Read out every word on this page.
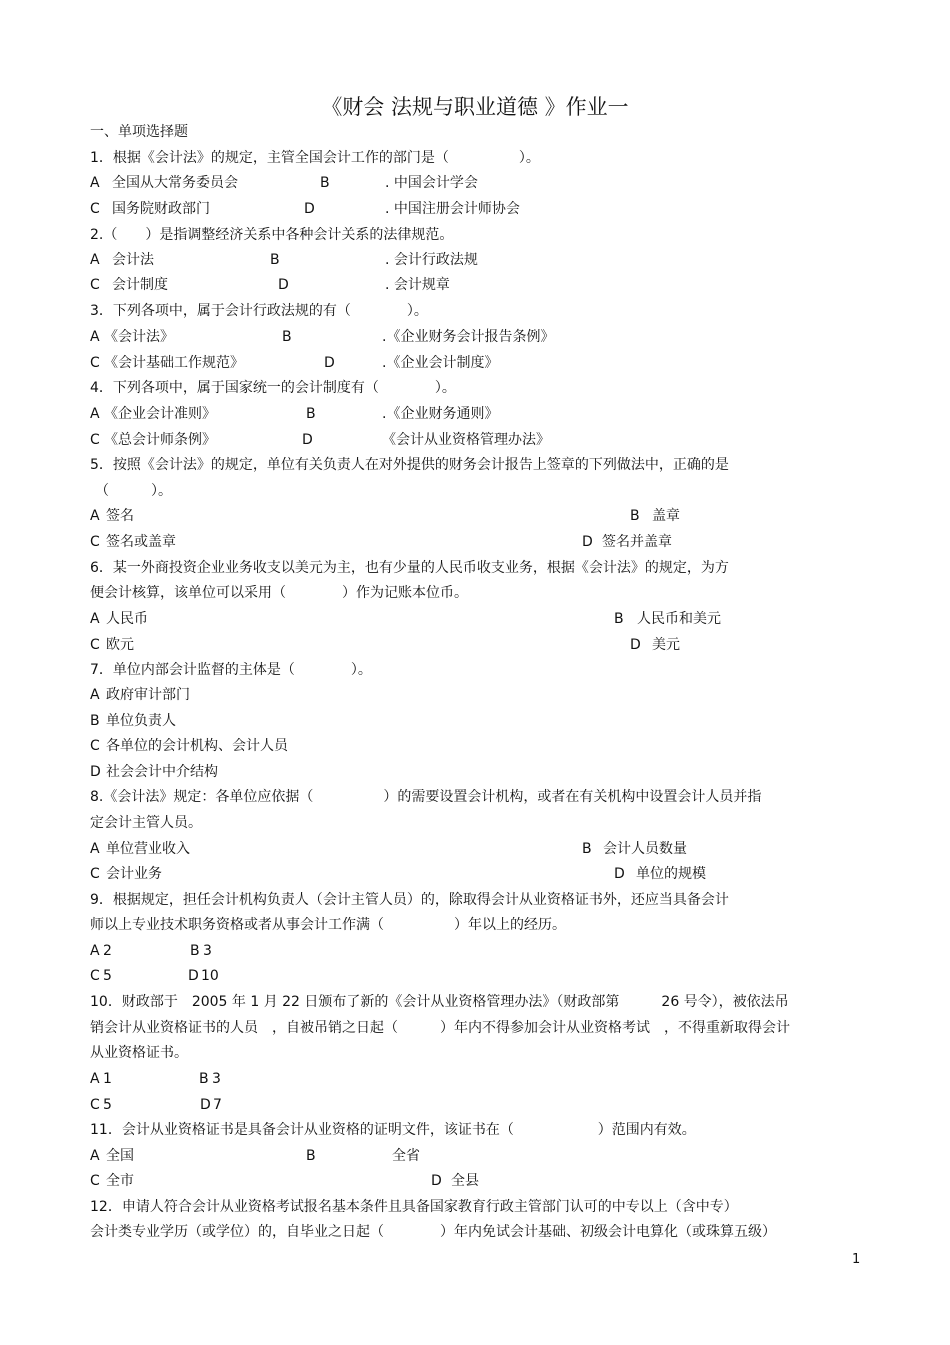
《财会 法规与职业道德 》作业一
一、单项选择题
1．根据《会计法》的规定，主管全国会计工作的部门是（　　　　　）。
A 全国从大常务委员会	B	. 中国会计学会
C 国务院财政部门	D	. 中国注册会计师协会
2.（　　）是指调整经济关系中各种会计关系的法律规范。
A 会计法	B	. 会计行政法规
C 会计制度	D	. 会计规章
3．下列各项中，属于会计行政法规的有（　　　　）。
A 《会计法》	B	.《企业财务会计报告条例》
C 《会计基础工作规范》	D	.《企业会计制度》
4．下列各项中，属于国家统一的会计制度有（　　　　）。
A 《企业会计准则》	B	.《企业财务通则》
C 《总会计师条例》	D	《会计从业资格管理办法》
5．按照《会计法》的规定，单位有关负责人在对外提供的财务会计报告上签章的下列做法中，正确的是
（　　　）。
A 签名	B 盖章
C 签名或盖章	D 签名并盖章
6．某一外商投资企业业务收支以美元为主，也有少量的人民币收支业务，根据《会计法》的规定，为方
便会计核算，该单位可以采用（　　　　）作为记账本位币。
A 人民币	B 人民币和美元
C 欧元	D 美元
7．单位内部会计监督的主体是（　　　　）。
A 政府审计部门
B 单位负责人
C 各单位的会计机构、会计人员
D 社会会计中介结构
8.《会计法》规定：各单位应依据（　　　　　）的需要设置会计机构，或者在有关机构中设置会计人员并指
定会计主管人员。
A 单位营业收入	B 会计人员数量
C 会计业务	D 单位的规模
9．根据规定，担任会计机构负责人（会计主管人员）的，除取得会计从业资格证书外，还应当具备会计
师以上专业技术职务资格或者从事会计工作满（　　　　　）年以上的经历。
A 2	B 3
C 5	D 10
10．财政部于　2005 年 1 月 22 日颁布了新的《会计从业资格管理办法》（财政部第　　　26 号令），被依法吊
销会计从业资格证书的人员　，自被吊销之日起（　　　）年内不得参加会计从业资格考试　，不得重新取得会计
从业资格证书。
A 1	B 3
C 5	D 7
11．会计从业资格证书是具备会计从业资格的证明文件，该证书在（　　　　　　）范围内有效。
A 全国	B	全省
C 全市	D 全县
12．申请人符合会计从业资格考试报名基本条件且具备国家教育行政主管部门认可的中专以上（含中专）
会计类专业学历（或学位）的，自毕业之日起（　　　　）年内免试会计基础、初级会计电算化（或珠算五级）
1
